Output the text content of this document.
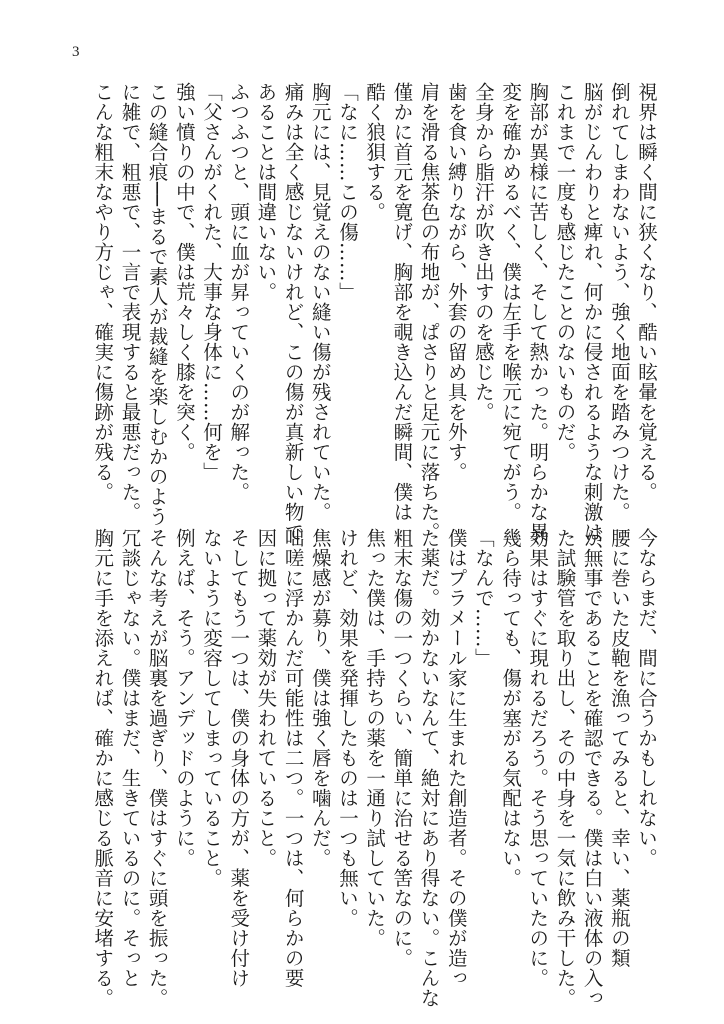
3
視界は瞬く間に狭くなり、酷い眩暈を覚える。
倒れてしまわないよう、強く地面を踏みつけた。
脳がじんわりと痺れ、何かに侵されるような刺激は、
これまで一度も感じたことのないものだ。
胸部が異様に苦しく、そして熱かった。明らかな異
変を確かめるべく、僕は左手を喉元に宛てがう。
全身から脂汗が吹き出すのを感じた。
歯を食い縛りながら、外套の留め具を外す。
肩を滑る焦茶色の布地が、ぱさりと足元に落ちた。
僅かに首元を寛げ、胸部を覗き込んだ瞬間、僕は
酷く狼狽する。
「なに……この傷……」
胸元には、見覚えのない縫い傷が残されていた。
痛みは全く感じないけれど、この傷が真新しい物で
あることは間違いない。
ふつふつと、頭に血が昇っていくのが解った。
「父さんがくれた、大事な身体に……何を」
強い憤りの中で、僕は荒々しく膝を突く。
この縫合痕──まるで素人が裁縫を楽しむかのよう
に雑で、粗悪で、一言で表現すると最悪だった。
こんな粗末なやり方じゃ、確実に傷跡が残る。
今ならまだ、間に合うかもしれない。
腰に巻いた皮鞄を漁ってみると、幸い、薬瓶の類
が無事であることを確認できる。僕は白い液体の入っ
た試験管を取り出し、その中身を一気に飲み干した。
効果はすぐに現れるだろう。そう思っていたのに。
幾ら待っても、傷が塞がる気配はない。
「なんで……」
僕はプラメール家に生まれた創造者。その僕が造っ
た薬だ。効かないなんて、絶対にあり得ない。こんな
粗末な傷の一つくらい、簡単に治せる筈なのに。
焦った僕は、手持ちの薬を一通り試していた。
けれど、効果を発揮したものは一つも無い。
焦燥感が募り、僕は強く唇を噛んだ。
咄嗟に浮かんだ可能性は二つ。一つは、何らかの要
因に拠って薬効が失われていること。
そしてもう一つは、僕の身体の方が、薬を受け付け
ないように変容してしまっていること。
例えば、そう。アンデッドのように。
そんな考えが脳裏を過ぎり、僕はすぐに頭を振った。
冗談じゃない。僕はまだ、生きているのに。そっと
胸元に手を添えれば、確かに感じる脈音に安堵する。
